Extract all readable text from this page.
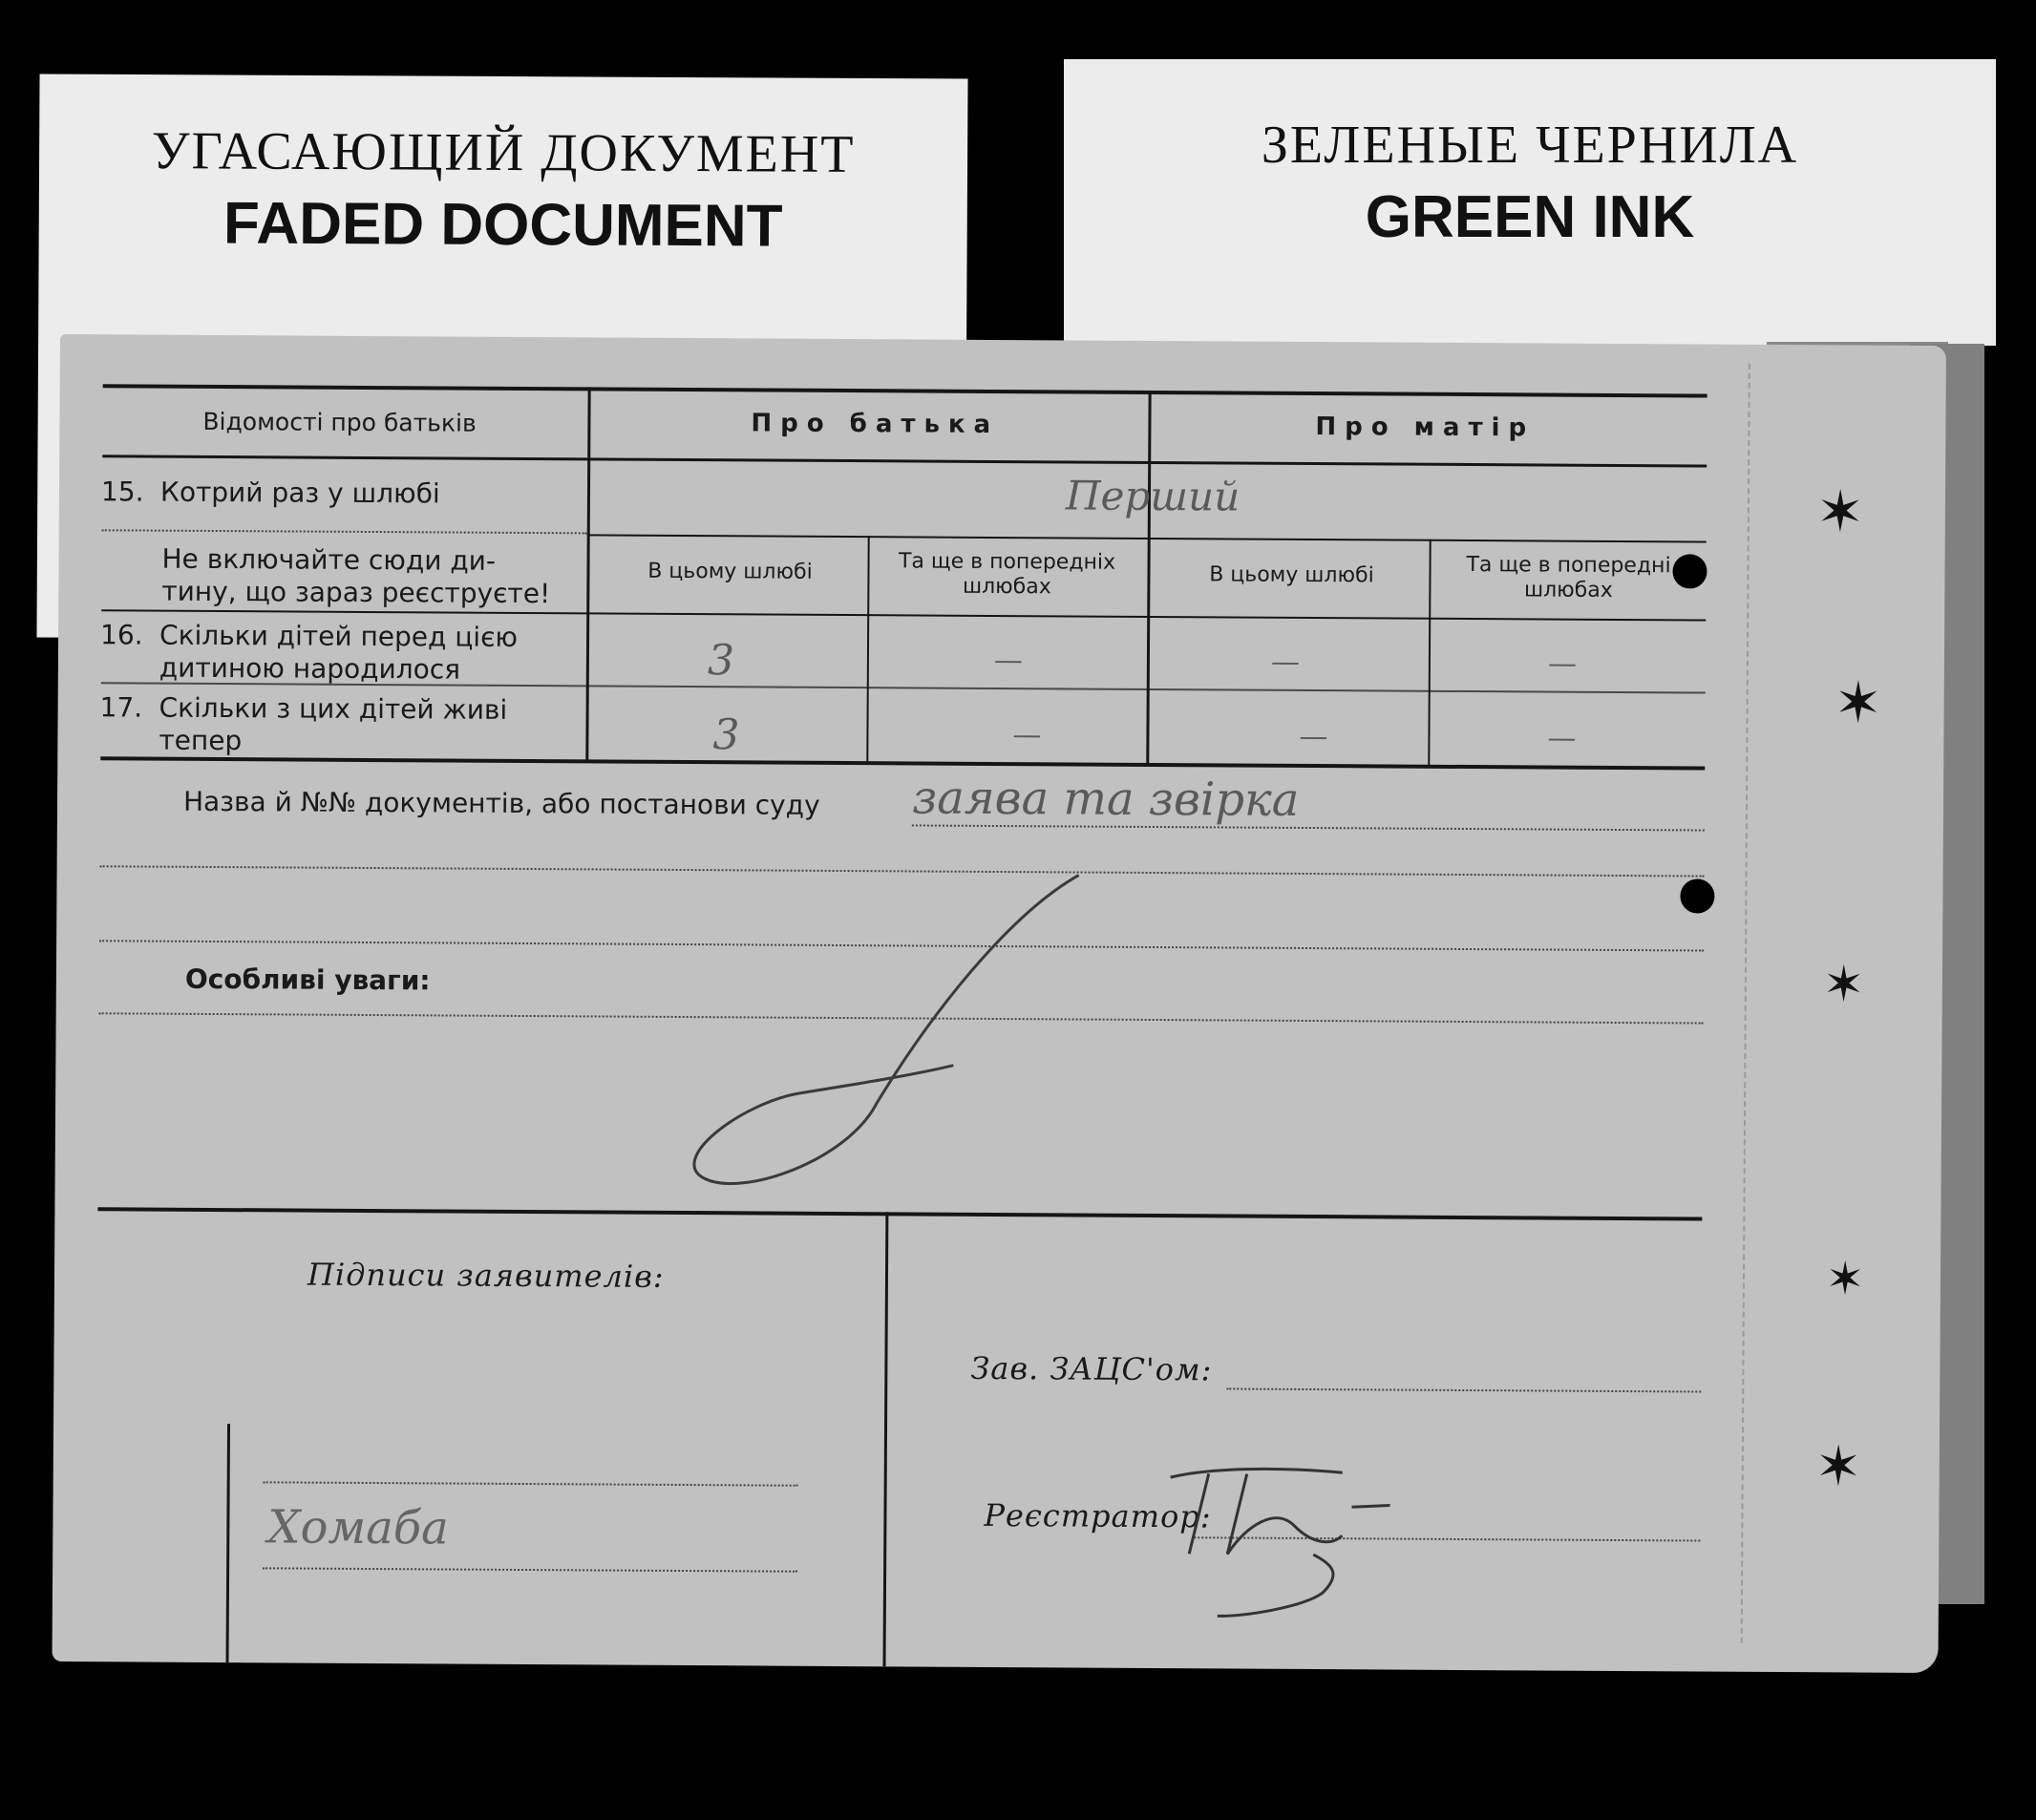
УГАСАЮЩИЙ ДОКУМЕНТ
FADED DOCUMENT
ЗЕЛЕНЫЕ ЧЕРНИЛА
GREEN INK
Відомості про батьків	Про батька	Про матір
15. Котрий раз у шлюбі	Перший
Не включайте сюди ди-
тину, що зараз реєструєте!
В цьому шлюбі	Та ще в попередніх шлюбах	В цьому шлюбі	Та ще в попередні шлюбах
16. Скільки дітей перед цією
дитиною народилося	3	—	—	—
17. Скільки з цих дітей живі
тепер	3	—	—	—
Назва й №№ документів, або постанови суду заява та звірка
Особливі уваги:
Підписи заявителів:
Хомаба
Зав. ЗАЦС'ом:
Реєстратор:
✶
✶
✶
✶
✶
